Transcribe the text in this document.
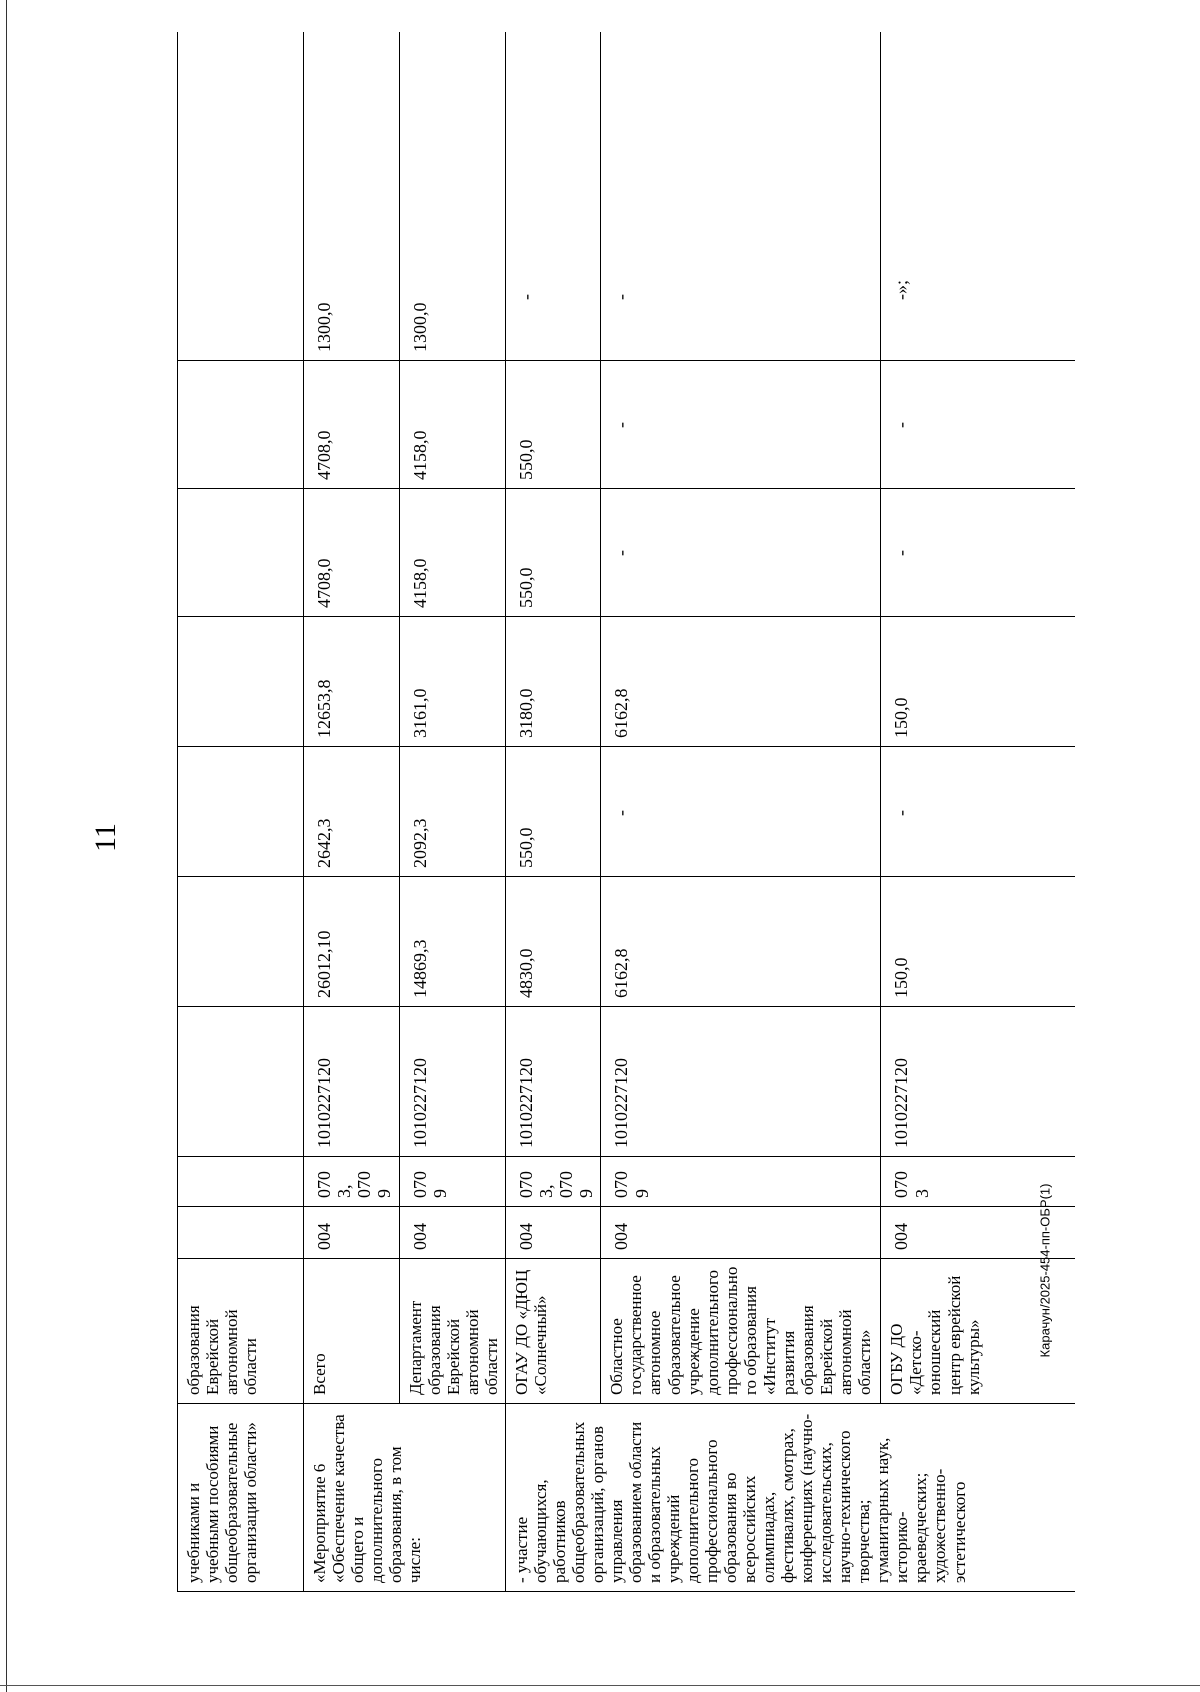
11
учебниками и учебными пособиями общеобразовательные организации области»	образования Еврейской автономной области									
«Мероприятие 6 «Обеспечение качества общего и дополнительного образования, в том числе:	Всего	004	0703, 0709	1010227120	26012,10	2642,3	12653,8	4708,0	4708,0	1300,0
	Департамент образования Еврейской автономной области	004	0709	1010227120	14869,3	2092,3	3161,0	4158,0	4158,0	1300,0
- участие обучающихся, работников общеобразовательных организаций, органов управления образованием области и образовательных учреждений дополнительного профессионального образования во всероссийских олимпиадах, фестивалях, смотрах, конференциях (научно-исследовательских, научно-технического творчества; гуманитарных наук, историко-краеведческих; художественно-эстетического	ОГАУ ДО «ДЮЦ «Солнечный»	004	0703, 0709	1010227120	4830,0	550,0	3180,0	550,0	550,0	-
	Областное государственное автономное образовательное учреждение дополнительного профессионального образования «Институт развития образования Еврейской автономной области»	004	0709	1010227120	6162,8	-	6162,8	-	-	-
	ОГБУ ДО «Детско-юношеский центр еврейской культуры»	004	0703	1010227120	150,0	-	150,0	-	-	-»;
Карачун/2025-454-пп-ОБР(1)
